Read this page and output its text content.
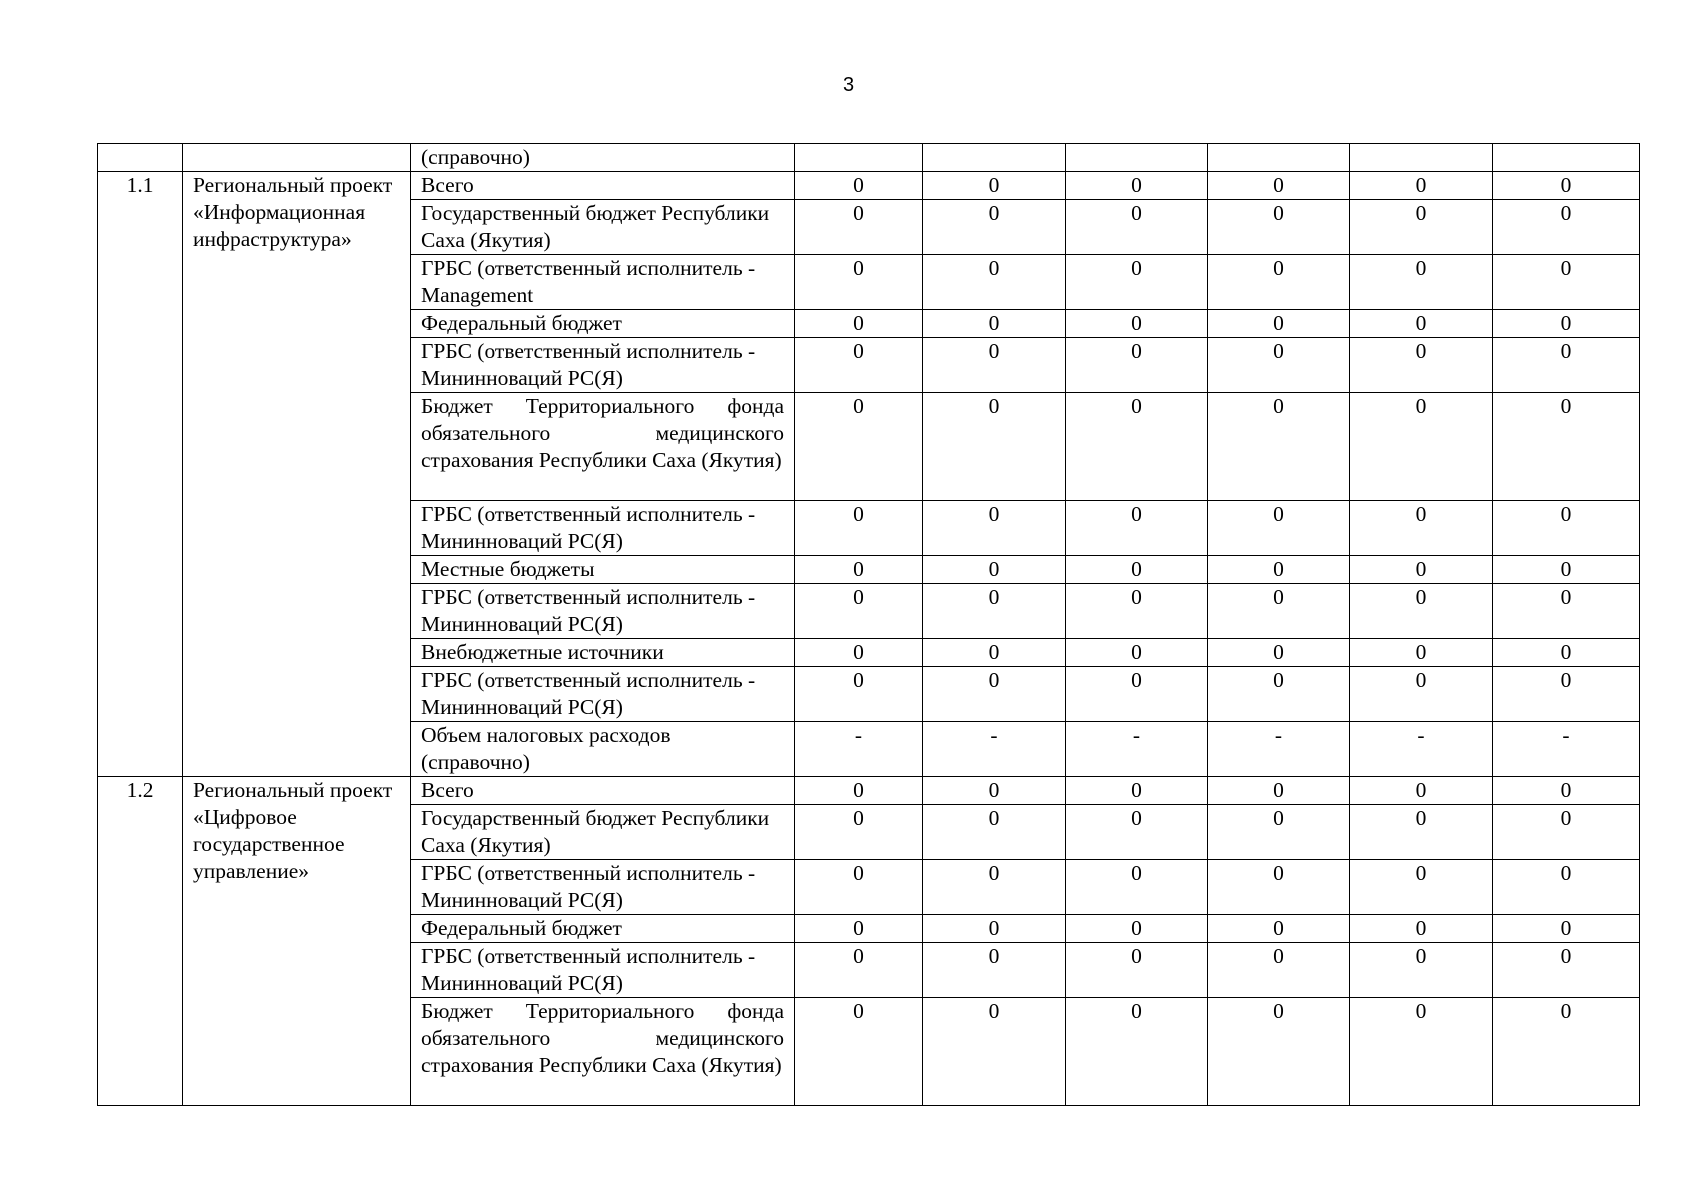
3
		(справочно)						
1.1	Региональный проект «Информационная инфраструктура»	Всего	0	0	0	0	0	0
		Государственный бюджет Республики Саха (Якутия)	0	0	0	0	0	0
		ГРБС (ответственный исполнитель - Management	0	0	0	0	0	0
		Федеральный бюджет	0	0	0	0	0	0
		ГРБС (ответственный исполнитель - Мининноваций РС(Я)	0	0	0	0	0	0
		Бюджет Территориального фонда обязательного медицинского страхования Республики Саха (Якутия)	0	0	0	0	0	0
		ГРБС (ответственный исполнитель - Мининноваций РС(Я)	0	0	0	0	0	0
		Местные бюджеты	0	0	0	0	0	0
		ГРБС (ответственный исполнитель - Мининноваций РС(Я)	0	0	0	0	0	0
		Внебюджетные источники	0	0	0	0	0	0
		ГРБС (ответственный исполнитель - Мининноваций РС(Я)	0	0	0	0	0	0
		Объем налоговых расходов (справочно)	-	-	-	-	-	-
1.2	Региональный проект «Цифровое государственное управление»	Всего	0	0	0	0	0	0
		Государственный бюджет Республики Саха (Якутия)	0	0	0	0	0	0
		ГРБС (ответственный исполнитель - Мининноваций РС(Я)	0	0	0	0	0	0
		Федеральный бюджет	0	0	0	0	0	0
		ГРБС (ответственный исполнитель - Мининноваций РС(Я)	0	0	0	0	0	0
		Бюджет Территориального фонда обязательного медицинского страхования Республики Саха (Якутия)	0	0	0	0	0	0
